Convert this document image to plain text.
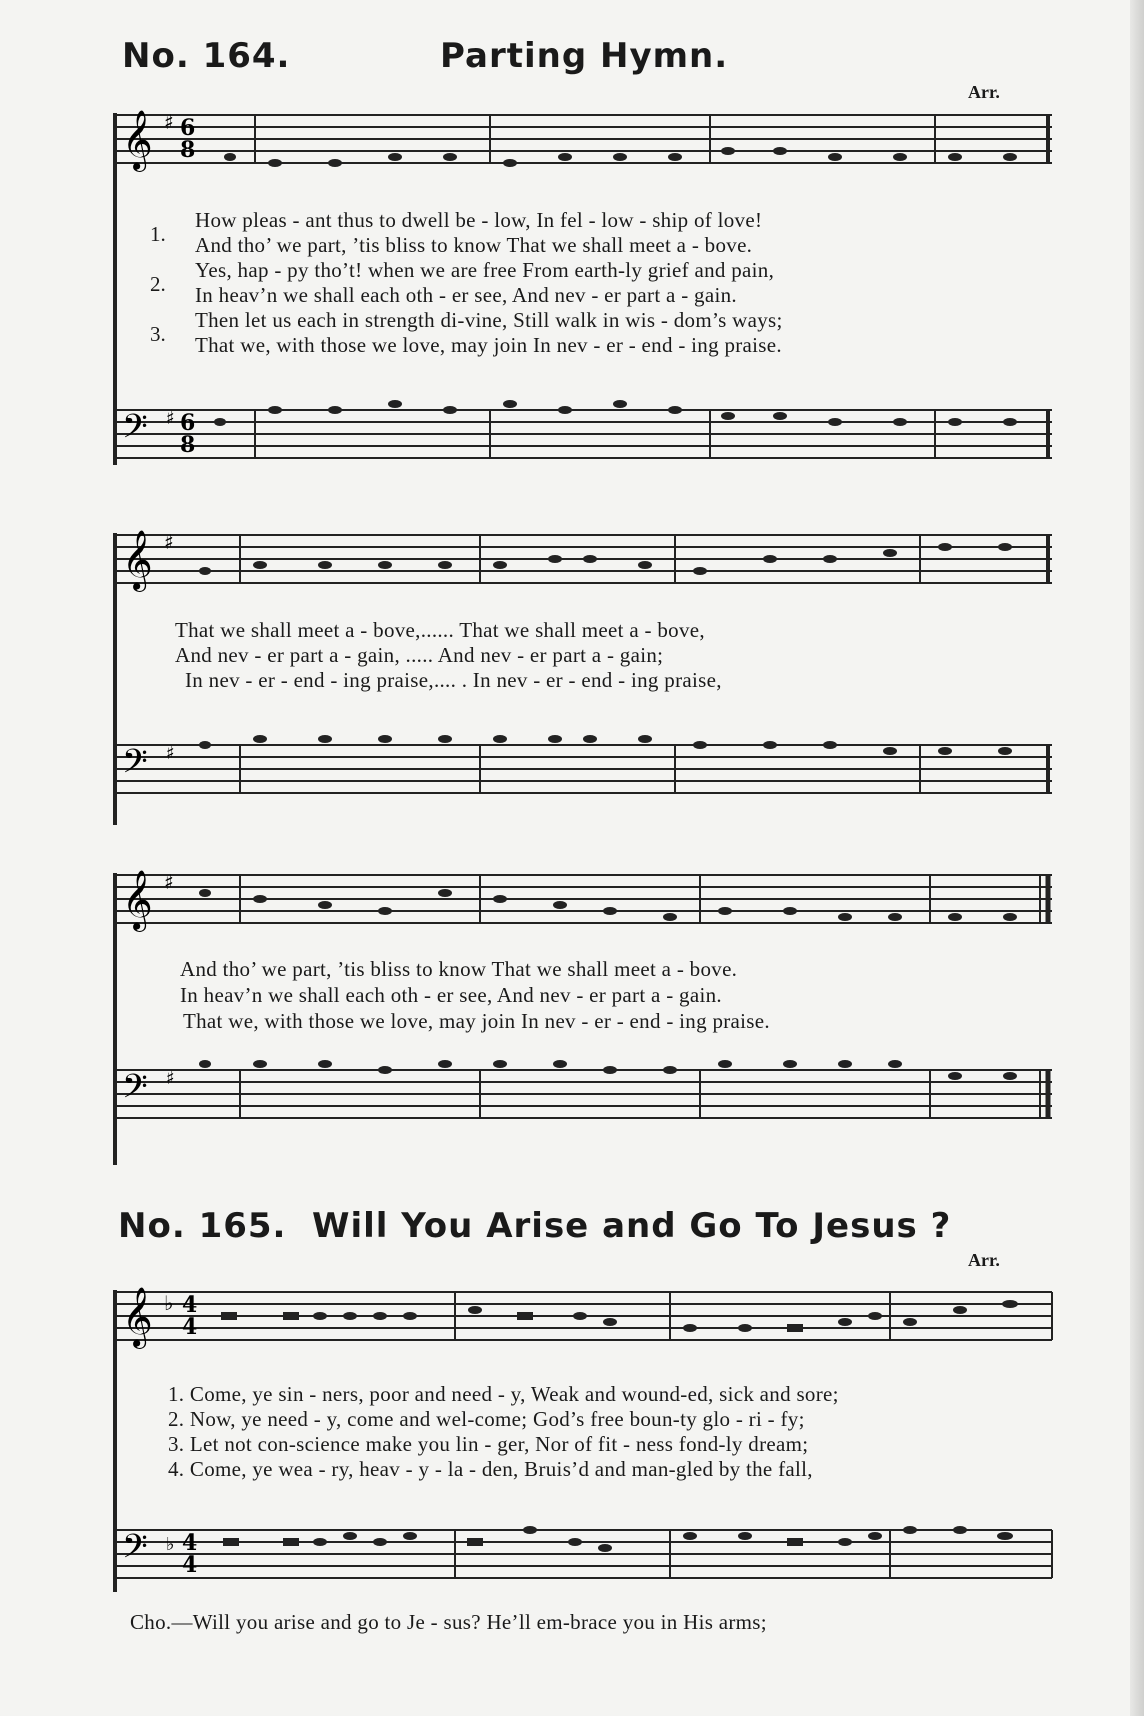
No. 164.	Parting Hymn.
Arr.
𝄞 ♯ 6
8
1.
2.
3.
How pleas - ant thus to dwell be - low, In fel - low - ship of love!
And tho’ we part, ’tis bliss to know That we shall meet a - bove.
Yes, hap - py tho’t! when we are free From earth-ly grief and pain,
In heav’n we shall each oth - er see, And nev - er part a - gain.
Then let us each in strength di-vine, Still walk in wis - dom’s ways;
That we, with those we love, may join In nev - er - end - ing praise.
𝄢 ♯ 6
8
𝄞 ♯
That we shall meet a - bove,...... That we shall meet a - bove,
And nev - er part a - gain, ..... And nev - er part a - gain;
In nev - er - end - ing praise,.... . In nev - er - end - ing praise,
𝄢 ♯
𝄞 ♯
And tho’ we part, ’tis bliss to know That we shall meet a - bove.
In heav’n we shall each oth - er see, And nev - er part a - gain.
That we, with those we love, may join In nev - er - end - ing praise.
𝄢 ♯
No. 165. Will You Arise and Go To Jesus ?
Arr.
𝄞 ♭ 4
4
1. Come, ye sin - ners, poor and need - y, Weak and wound-ed, sick and sore;
2. Now, ye need - y, come and wel-come; God’s free boun-ty glo - ri - fy;
3. Let not con-science make you lin - ger, Nor of fit - ness fond-ly dream;
4. Come, ye wea - ry, heav - y - la - den, Bruis’d and man-gled by the fall,
𝄢 ♭ 4
4
Cho.—Will you arise and go to Je - sus? He’ll em-brace you in His arms;
